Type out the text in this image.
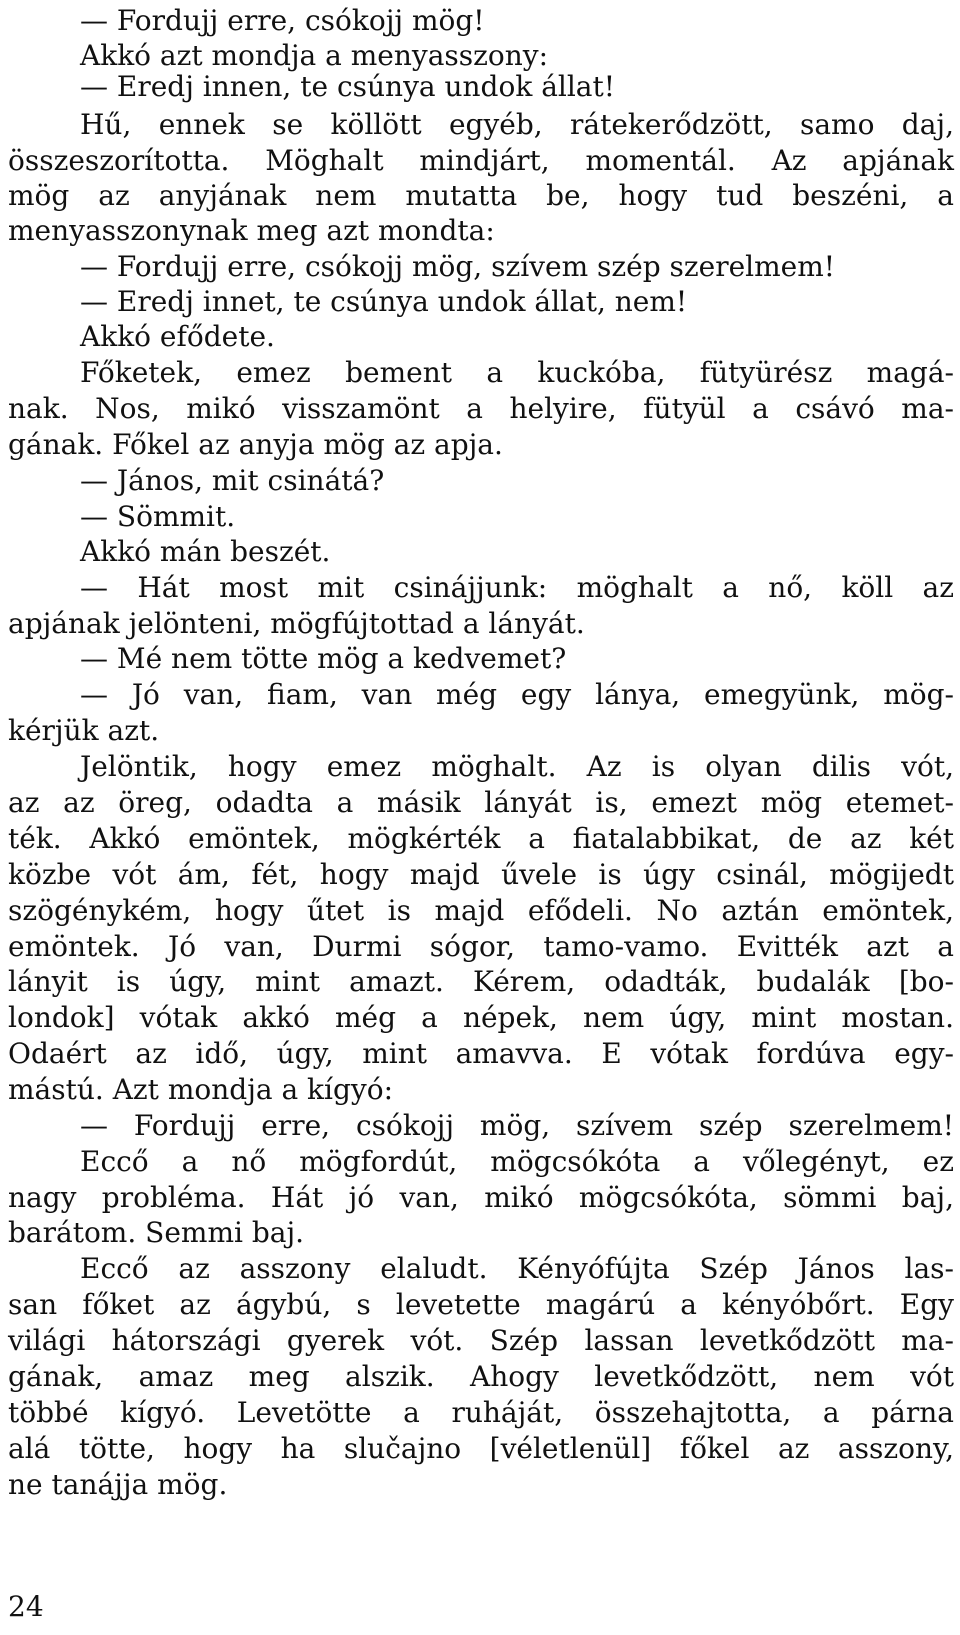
— Fordujj erre, csókojj mög!
Akkó azt mondja a menyasszony:
— Eredj innen, te csúnya undok állat!
Hű, ennek se köllött egyéb, rátekerődzött, samo daj,
összeszorította. Möghalt mindjárt, momentál. Az apjának
mög az anyjának nem mutatta be, hogy tud beszéni, a
menyasszonynak meg azt mondta:
— Fordujj erre, csókojj mög, szívem szép szerelmem!
— Eredj innet, te csúnya undok állat, nem!
Akkó efődete.
Főketek, emez bement a kuckóba, fütyürész magá-
nak. Nos, mikó visszamönt a helyire, fütyül a csávó ma-
gának. Főkel az anyja mög az apja.
— János, mit csinátá?
— Sömmit.
Akkó mán beszét.
— Hát most mit csinájjunk: möghalt a nő, köll az
apjának jelönteni, mögfújtottad a lányát.
— Mé nem tötte mög a kedvemet?
— Jó van, fiam, van még egy lánya, emegyünk, mög-
kérjük azt.
Jelöntik, hogy emez möghalt. Az is olyan dilis vót,
az az öreg, odadta a másik lányát is, emezt mög etemet-
ték. Akkó emöntek, mögkérték a fiatalabbikat, de az két
közbe vót ám, fét, hogy majd űvele is úgy csinál, mögijedt
szögénykém, hogy űtet is majd efődeli. No aztán emöntek,
emöntek. Jó van, Durmi sógor, tamo-vamo. Evitték azt a
lányit is úgy, mint amazt. Kérem, odadták, budalák [bo-
londok] vótak akkó még a népek, nem úgy, mint mostan.
Odaért az idő, úgy, mint amavva. E vótak fordúva egy-
mástú. Azt mondja a kígyó:
— Fordujj erre, csókojj mög, szívem szép szerelmem!
Eccő a nő mögfordút, mögcsókóta a vőlegényt, ez
nagy probléma. Hát jó van, mikó mögcsókóta, sömmi baj,
barátom. Semmi baj.
Eccő az asszony elaludt. Kényófújta Szép János las-
san főket az ágybú, s levetette magárú a kényóbőrt. Egy
világi hátországi gyerek vót. Szép lassan levetkődzött ma-
gának, amaz meg alszik. Ahogy levetkődzött, nem vót
többé kígyó. Levetötte a ruháját, összehajtotta, a párna
alá tötte, hogy ha slučajno [véletlenül] főkel az asszony,
ne tanájja mög.
24
